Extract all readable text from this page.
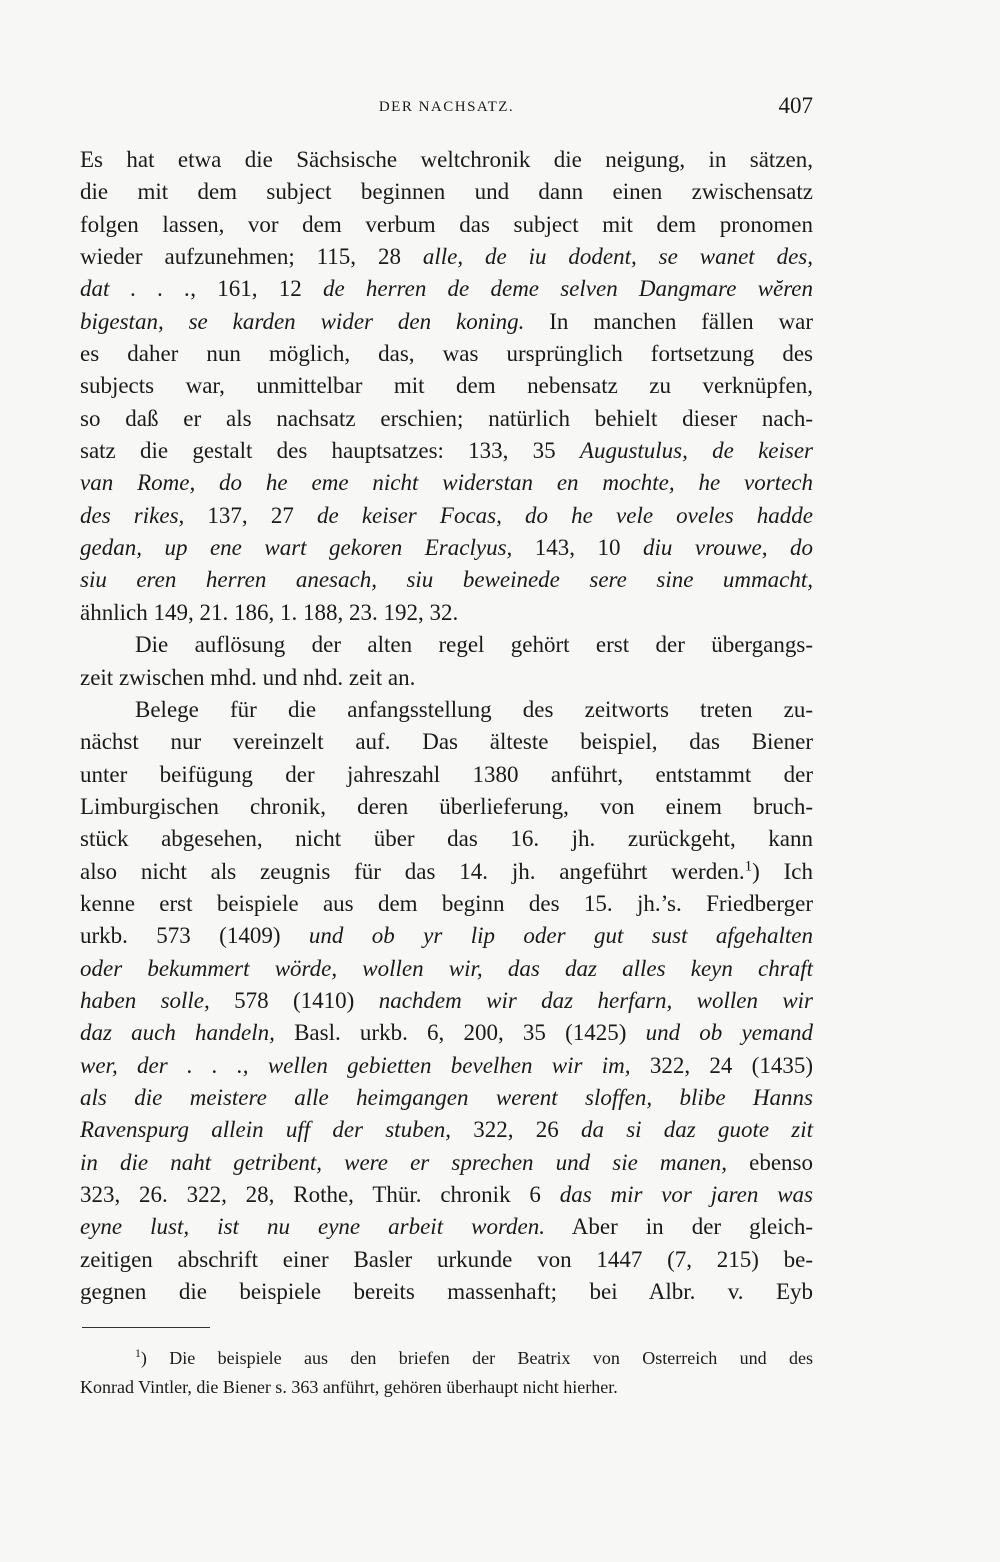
DER NACHSATZ.	407
Es hat etwa die Sächsische weltchronik die neigung, in sätzen,
die mit dem subject beginnen und dann einen zwischensatz
folgen lassen, vor dem verbum das subject mit dem pronomen
wieder aufzunehmen; 115, 28 alle, de iu dodent, se wanet des,
dat . . ., 161, 12 de herren de deme selven Dangmare wĕren
bigestan, se karden wider den koning. In manchen fällen war
es daher nun möglich, das, was ursprünglich fortsetzung des
subjects war, unmittelbar mit dem nebensatz zu verknüpfen,
so daß er als nachsatz erschien; natürlich behielt dieser nach-
satz die gestalt des hauptsatzes: 133, 35 Augustulus, de keiser
van Rome, do he eme nicht widerstan en mochte, he vortech
des rikes, 137, 27 de keiser Focas, do he vele oveles hadde
gedan, up ene wart gekoren Eraclyus, 143, 10 diu vrouwe, do
siu eren herren anesach, siu beweinede sere sine ummacht,
ähnlich 149, 21. 186, 1. 188, 23. 192, 32.
Die auflösung der alten regel gehört erst der übergangs-
zeit zwischen mhd. und nhd. zeit an.
Belege für die anfangsstellung des zeitworts treten zu-
nächst nur vereinzelt auf. Das älteste beispiel, das Biener
unter beifügung der jahreszahl 1380 anführt, entstammt der
Limburgischen chronik, deren überlieferung, von einem bruch-
stück abgesehen, nicht über das 16. jh. zurückgeht, kann
also nicht als zeugnis für das 14. jh. angeführt werden.$^1$) Ich
kenne erst beispiele aus dem beginn des 15. jh.’s. Friedberger
urkb. 573 (1409) und ob yr lip oder gut sust afgehalten
oder bekummert wörde, wollen wir, das daz alles keyn chraft
haben solle, 578 (1410) nachdem wir daz herfarn, wollen wir
daz auch handeln, Basl. urkb. 6, 200, 35 (1425) und ob yemand
wer, der . . ., wellen gebietten bevelhen wir im, 322, 24 (1435)
als die meistere alle heimgangen werent sloffen, blibe Hanns
Ravenspurg allein uff der stuben, 322, 26 da si daz guote zit
in die naht getribent, were er sprechen und sie manen, ebenso
323, 26. 322, 28, Rothe, Thür. chronik 6 das mir vor jaren was
eyne lust, ist nu eyne arbeit worden. Aber in der gleich-
zeitigen abschrift einer Basler urkunde von 1447 (7, 215) be-
gegnen die beispiele bereits massenhaft; bei Albr. v. Eyb
$^1$) Die beispiele aus den briefen der Beatrix von Osterreich und des
Konrad Vintler, die Biener s. 363 anführt, gehören überhaupt nicht hierher.
